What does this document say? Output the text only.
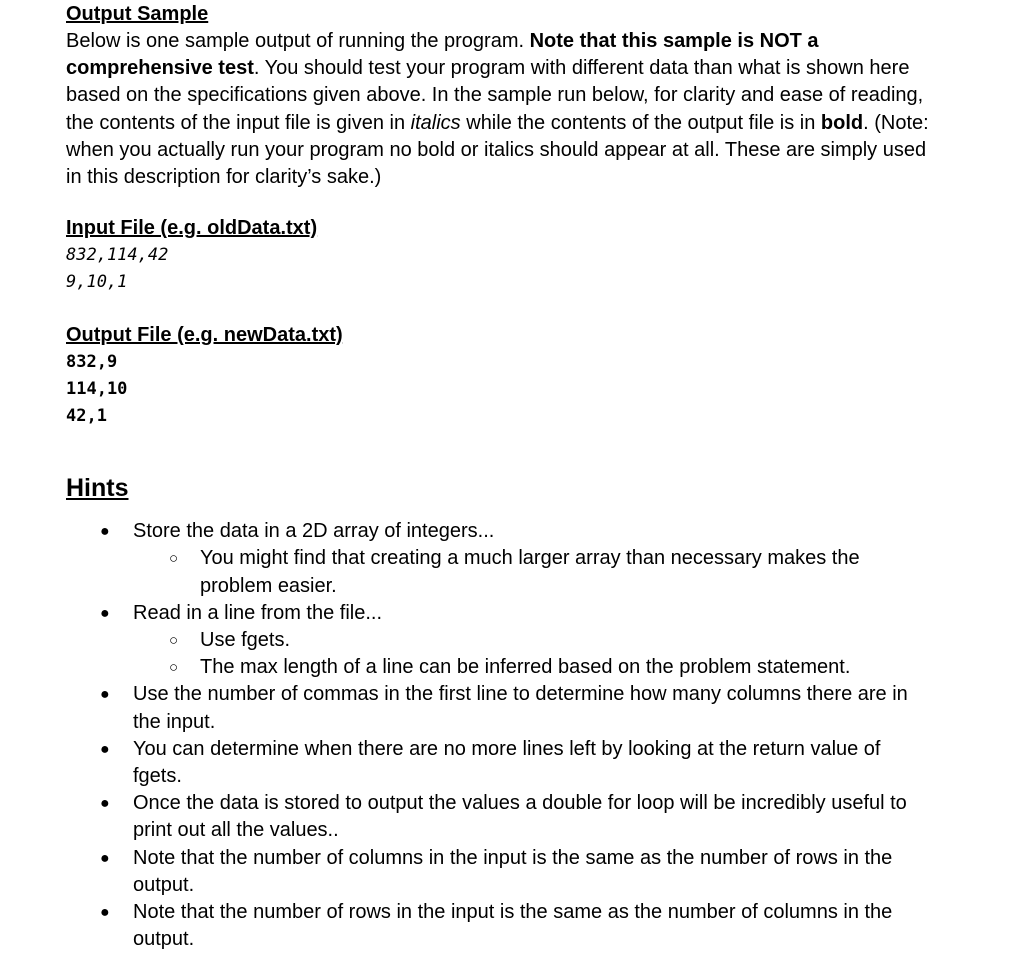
Output Sample

Below is one sample output of running the program. Note that this sample is NOT a comprehensive test. You should test your program with different data than what is shown here based on the specifications given above. In the sample run below, for clarity and ease of reading, the contents of the input file is given in italics while the contents of the output file is in bold. (Note: when you actually run your program no bold or italics should appear at all. These are simply used in this description for clarity’s sake.)

Input File (e.g. oldData.txt)

832,114,42

9,10,1

Output File (e.g. newData.txt)

832,9

114,10

42,1

Hints
● Store the data in a 2D array of integers...
○ You might find that creating a much larger array than necessary makes the problem easier.
● Read in a line from the file...
○ Use fgets.
○ The max length of a line can be inferred based on the problem statement.
● Use the number of commas in the first line to determine how many columns there are in the input.
● You can determine when there are no more lines left by looking at the return value of fgets.
● Once the data is stored to output the values a double for loop will be incredibly useful to print out all the values..
● Note that the number of columns in the input is the same as the number of rows in the output.
● Note that the number of rows in the input is the same as the number of columns in the output.
